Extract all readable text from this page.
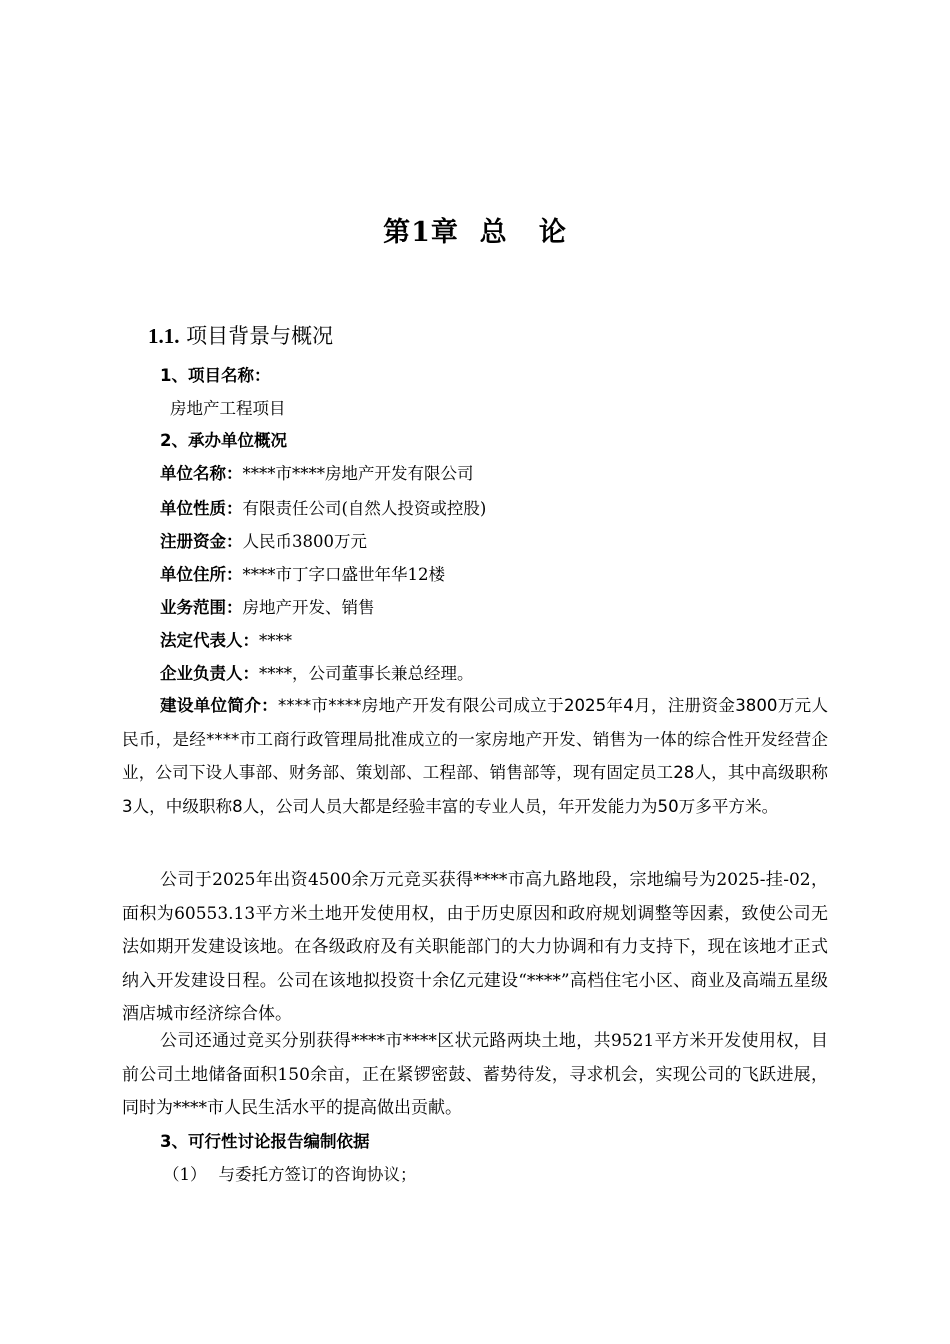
第1章  总   论
1.1. 项目背景与概况
1、项目名称：
房地产工程项目
2、承办单位概况
单位名称：****市****房地产开发有限公司
单位性质：有限责任公司(自然人投资或控股)
注册资金：人民币3800万元
单位住所：****市丁字口盛世年华12楼
业务范围：房地产开发、销售
法定代表人：****
企业负责人：****，公司董事长兼总经理。
建设单位简介：****市****房地产开发有限公司成立于2025年4月，注册资金3800万元人民币，是经****市工商行政管理局批准成立的一家房地产开发、销售为一体的综合性开发经营企业，公司下设人事部、财务部、策划部、工程部、销售部等，现有固定员工28人，其中高级职称3人，中级职称8人，公司人员大都是经验丰富的专业人员，年开发能力为50万多平方米。
公司于2025年出资4500余万元竞买获得****市高九路地段，宗地编号为2025-挂-02，面积为60553.13平方米土地开发使用权，由于历史原因和政府规划调整等因素，致使公司无法如期开发建设该地。在各级政府及有关职能部门的大力协调和有力支持下，现在该地才正式纳入开发建设日程。公司在该地拟投资十余亿元建设“****”高档住宅小区、商业及高端五星级酒店城市经济综合体。
公司还通过竞买分别获得****市****区状元路两块土地，共9521平方米开发使用权，目前公司土地储备面积150余亩，正在紧锣密鼓、蓄势待发，寻求机会，实现公司的飞跃进展，同时为****市人民生活水平的提高做出贡献。
3、可行性讨论报告编制依据
（1） 与委托方签订的咨询协议；
